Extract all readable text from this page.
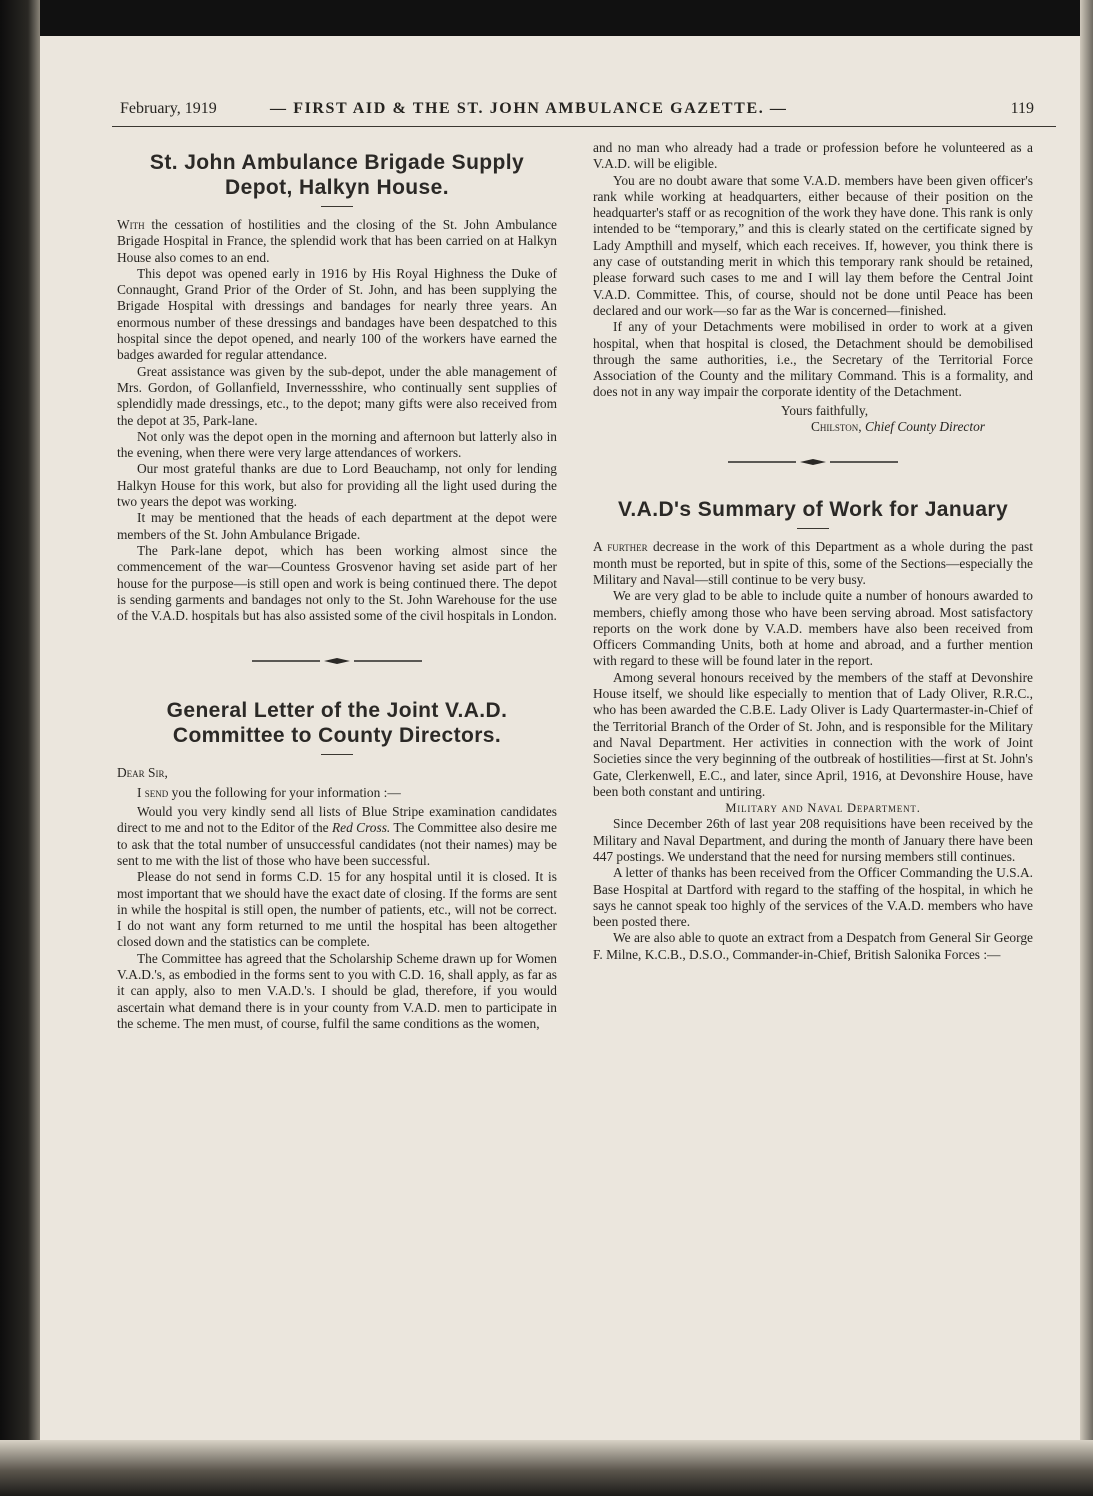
February, 1919	— FIRST AID & THE ST. JOHN AMBULANCE GAZETTE. —	119
St. John Ambulance Brigade Supply Depot, Halkyn House.

With the cessation of hostilities and the closing of the St. John Ambulance Brigade Hospital in France, the splendid work that has been carried on at Halkyn House also comes to an end.

This depot was opened early in 1916 by His Royal Highness the Duke of Connaught, Grand Prior of the Order of St. John, and has been supplying the Brigade Hospital with dressings and bandages for nearly three years. An enormous number of these dressings and bandages have been despatched to this hospital since the depot opened, and nearly 100 of the workers have earned the badges awarded for regular attendance.

Great assistance was given by the sub-depot, under the able management of Mrs. Gordon, of Gollanfield, Invernessshire, who continually sent supplies of splendidly made dressings, etc., to the depot; many gifts were also received from the depot at 35, Park-lane.

Not only was the depot open in the morning and afternoon but latterly also in the evening, when there were very large attendances of workers.

Our most grateful thanks are due to Lord Beauchamp, not only for lending Halkyn House for this work, but also for providing all the light used during the two years the depot was working.

It may be mentioned that the heads of each department at the depot were members of the St. John Ambulance Brigade.

The Park-lane depot, which has been working almost since the commencement of the war—Countess Grosvenor having set aside part of her house for the purpose—is still open and work is being continued there. The depot is sending garments and bandages not only to the St. John Warehouse for the use of the V.A.D. hospitals but has also assisted some of the civil hospitals in London.

General Letter of the Joint V.A.D. Committee to County Directors.

Dear Sir,

I send you the following for your information :—

Would you very kindly send all lists of Blue Stripe examination candidates direct to me and not to the Editor of the Red Cross. The Committee also desire me to ask that the total number of unsuccessful candidates (not their names) may be sent to me with the list of those who have been successful.

Please do not send in forms C.D. 15 for any hospital until it is closed. It is most important that we should have the exact date of closing. If the forms are sent in while the hospital is still open, the number of patients, etc., will not be correct. I do not want any form returned to me until the hospital has been altogether closed down and the statistics can be complete.

The Committee has agreed that the Scholarship Scheme drawn up for Women V.A.D.'s, as embodied in the forms sent to you with C.D. 16, shall apply, as far as it can apply, also to men V.A.D.'s. I should be glad, therefore, if you would ascertain what demand there is in your county from V.A.D. men to participate in the scheme. The men must, of course, fulfil the same conditions as the women,

and no man who already had a trade or profession before he volunteered as a V.A.D. will be eligible.

You are no doubt aware that some V.A.D. members have been given officer's rank while working at headquarters, either because of their position on the headquarter's staff or as recognition of the work they have done. This rank is only intended to be “temporary,” and this is clearly stated on the certificate signed by Lady Ampthill and myself, which each receives. If, however, you think there is any case of outstanding merit in which this temporary rank should be retained, please forward such cases to me and I will lay them before the Central Joint V.A.D. Committee. This, of course, should not be done until Peace has been declared and our work—so far as the War is concerned—finished.

If any of your Detachments were mobilised in order to work at a given hospital, when that hospital is closed, the Detachment should be demobilised through the same authorities, i.e., the Secretary of the Territorial Force Association of the County and the military Command. This is a formality, and does not in any way impair the corporate identity of the Detachment.

Yours faithfully,

Chilston, Chief County Director

V.A.D's Summary of Work for January

A further decrease in the work of this Department as a whole during the past month must be reported, but in spite of this, some of the Sections—especially the Military and Naval—still continue to be very busy.

We are very glad to be able to include quite a number of honours awarded to members, chiefly among those who have been serving abroad. Most satisfactory reports on the work done by V.A.D. members have also been received from Officers Commanding Units, both at home and abroad, and a further mention with regard to these will be found later in the report.

Among several honours received by the members of the staff at Devonshire House itself, we should like especially to mention that of Lady Oliver, R.R.C., who has been awarded the C.B.E. Lady Oliver is Lady Quartermaster-in-Chief of the Territorial Branch of the Order of St. John, and is responsible for the Military and Naval Department. Her activities in connection with the work of Joint Societies since the very beginning of the outbreak of hostilities—first at St. John's Gate, Clerkenwell, E.C., and later, since April, 1916, at Devonshire House, have been both constant and untiring.

Military and Naval Department.

Since December 26th of last year 208 requisitions have been received by the Military and Naval Department, and during the month of January there have been 447 postings. We understand that the need for nursing members still continues.

A letter of thanks has been received from the Officer Commanding the U.S.A. Base Hospital at Dartford with regard to the staffing of the hospital, in which he says he cannot speak too highly of the services of the V.A.D. members who have been posted there.

We are also able to quote an extract from a Despatch from General Sir George F. Milne, K.C.B., D.S.O., Commander-in-Chief, British Salonika Forces :—
